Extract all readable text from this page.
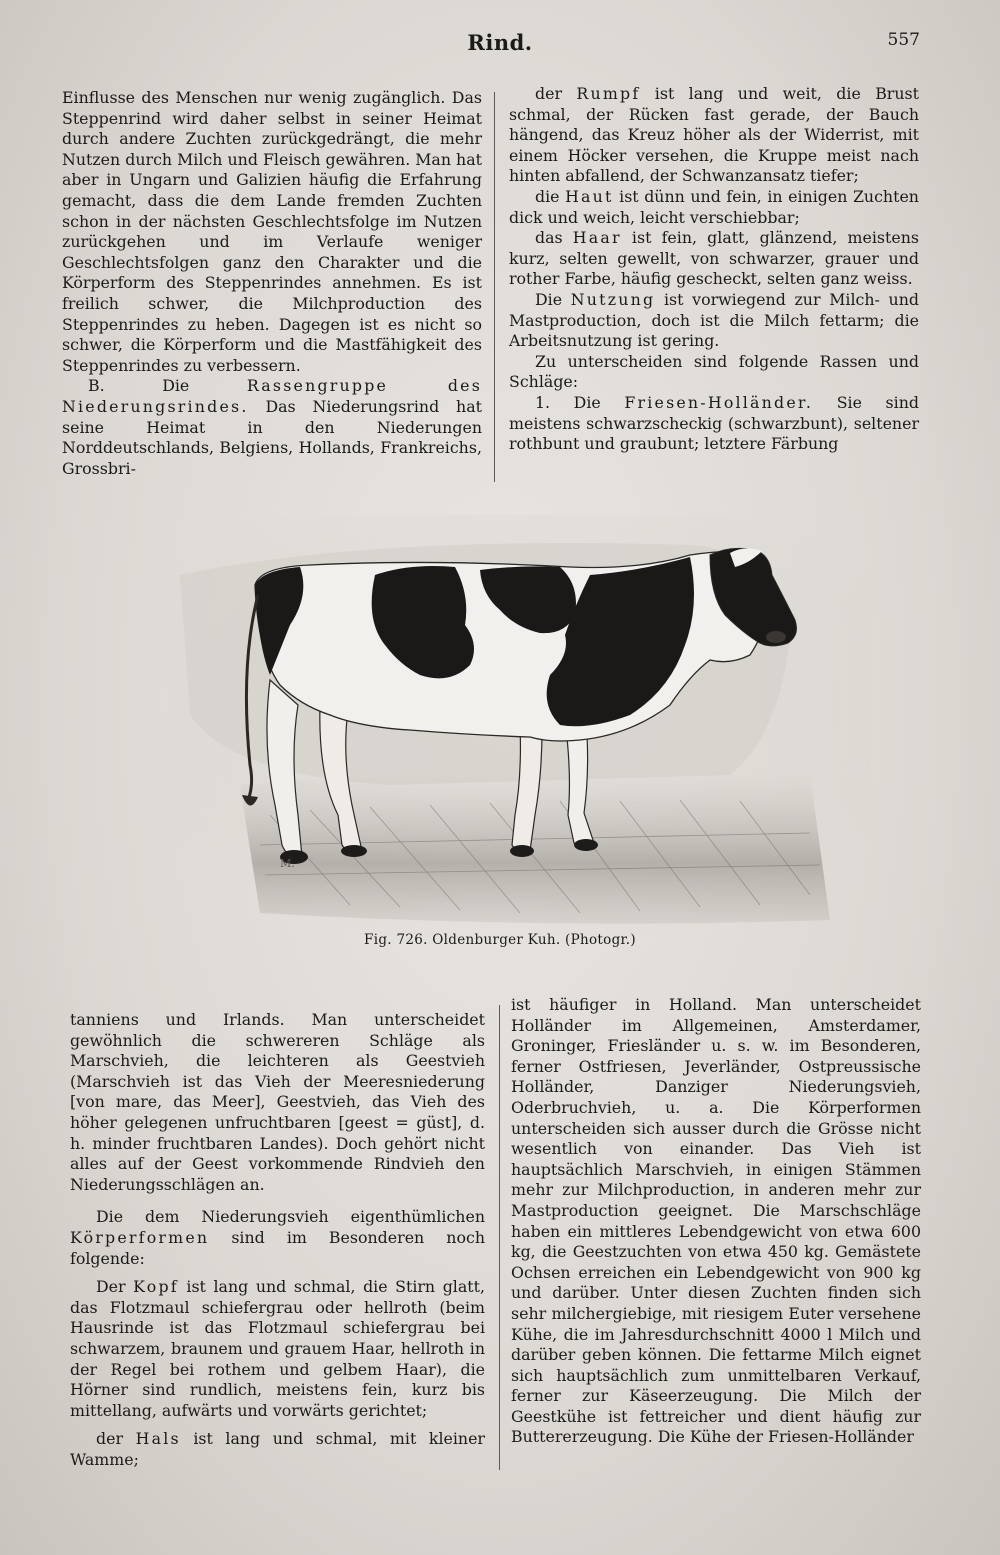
Rind.	557

Einflusse des Menschen nur wenig zugänglich. Das Steppenrind wird daher selbst in seiner Heimat durch andere Zuchten zurückgedrängt, die mehr Nutzen durch Milch und Fleisch gewähren. Man hat aber in Ungarn und Galizien häufig die Erfahrung gemacht, dass die dem Lande fremden Zuchten schon in der nächsten Geschlechtsfolge im Nutzen zurückgehen und im Verlaufe weniger Geschlechtsfolgen ganz den Charakter und die Körperform des Steppenrindes annehmen. Es ist freilich schwer, die Milchproduction des Steppenrindes zu heben. Dagegen ist es nicht so schwer, die Körperform und die Mastfähigkeit des Steppenrindes zu verbessern.

B. Die Rassengruppe des Niederungsrindes. Das Niederungsrind hat seine Heimat in den Niederungen Norddeutschlands, Belgiens, Hollands, Frankreichs, Grossbri-

der Rumpf ist lang und weit, die Brust schmal, der Rücken fast gerade, der Bauch hängend, das Kreuz höher als der Widerrist, mit einem Höcker versehen, die Kruppe meist nach hinten abfallend, der Schwanzansatz tiefer;

die Haut ist dünn und fein, in einigen Zuchten dick und weich, leicht verschiebbar;

das Haar ist fein, glatt, glänzend, meistens kurz, selten gewellt, von schwarzer, grauer und rother Farbe, häufig gescheckt, selten ganz weiss.

Die Nutzung ist vorwiegend zur Milch- und Mastproduction, doch ist die Milch fettarm; die Arbeitsnutzung ist gering.

Zu unterscheiden sind folgende Rassen und Schläge:

1. Die Friesen-Holländer. Sie sind meistens schwarzscheckig (schwarzbunt), seltener rothbunt und graubunt; letztere Färbung

M.
Fig. 726. Oldenburger Kuh. (Photogr.)

tanniens und Irlands. Man unterscheidet gewöhnlich die schwereren Schläge als Marschvieh, die leichteren als Geestvieh (Marschvieh ist das Vieh der Meeresniederung [von mare, das Meer], Geestvieh, das Vieh des höher gelegenen unfruchtbaren [geest = güst], d. h. minder fruchtbaren Landes). Doch gehört nicht alles auf der Geest vorkommende Rindvieh den Niederungsschlägen an.

Die dem Niederungsvieh eigenthümlichen Körperformen sind im Besonderen noch folgende:

Der Kopf ist lang und schmal, die Stirn glatt, das Flotzmaul schiefergrau oder hellroth (beim Hausrinde ist das Flotzmaul schiefergrau bei schwarzem, braunem und grauem Haar, hellroth in der Regel bei rothem und gelbem Haar), die Hörner sind rundlich, meistens fein, kurz bis mittellang, aufwärts und vorwärts gerichtet;

der Hals ist lang und schmal, mit kleiner Wamme;

ist häufiger in Holland. Man unterscheidet Holländer im Allgemeinen, Amsterdamer, Groninger, Friesländer u. s. w. im Besonderen, ferner Ostfriesen, Jeverländer, Ostpreussische Holländer, Danziger Niederungsvieh, Oderbruchvieh, u. a. Die Körperformen unterscheiden sich ausser durch die Grösse nicht wesentlich von einander. Das Vieh ist hauptsächlich Marschvieh, in einigen Stämmen mehr zur Milchproduction, in anderen mehr zur Mastproduction geeignet. Die Marschschläge haben ein mittleres Lebendgewicht von etwa 600 kg, die Geestzuchten von etwa 450 kg. Gemästete Ochsen erreichen ein Lebendgewicht von 900 kg und darüber. Unter diesen Zuchten finden sich sehr milchergiebige, mit riesigem Euter versehene Kühe, die im Jahresdurchschnitt 4000 l Milch und darüber geben können. Die fettarme Milch eignet sich hauptsächlich zum unmittelbaren Verkauf, ferner zur Käseerzeugung. Die Milch der Geestkühe ist fettreicher und dient häufig zur Buttererzeugung. Die Kühe der Friesen-Holländer
